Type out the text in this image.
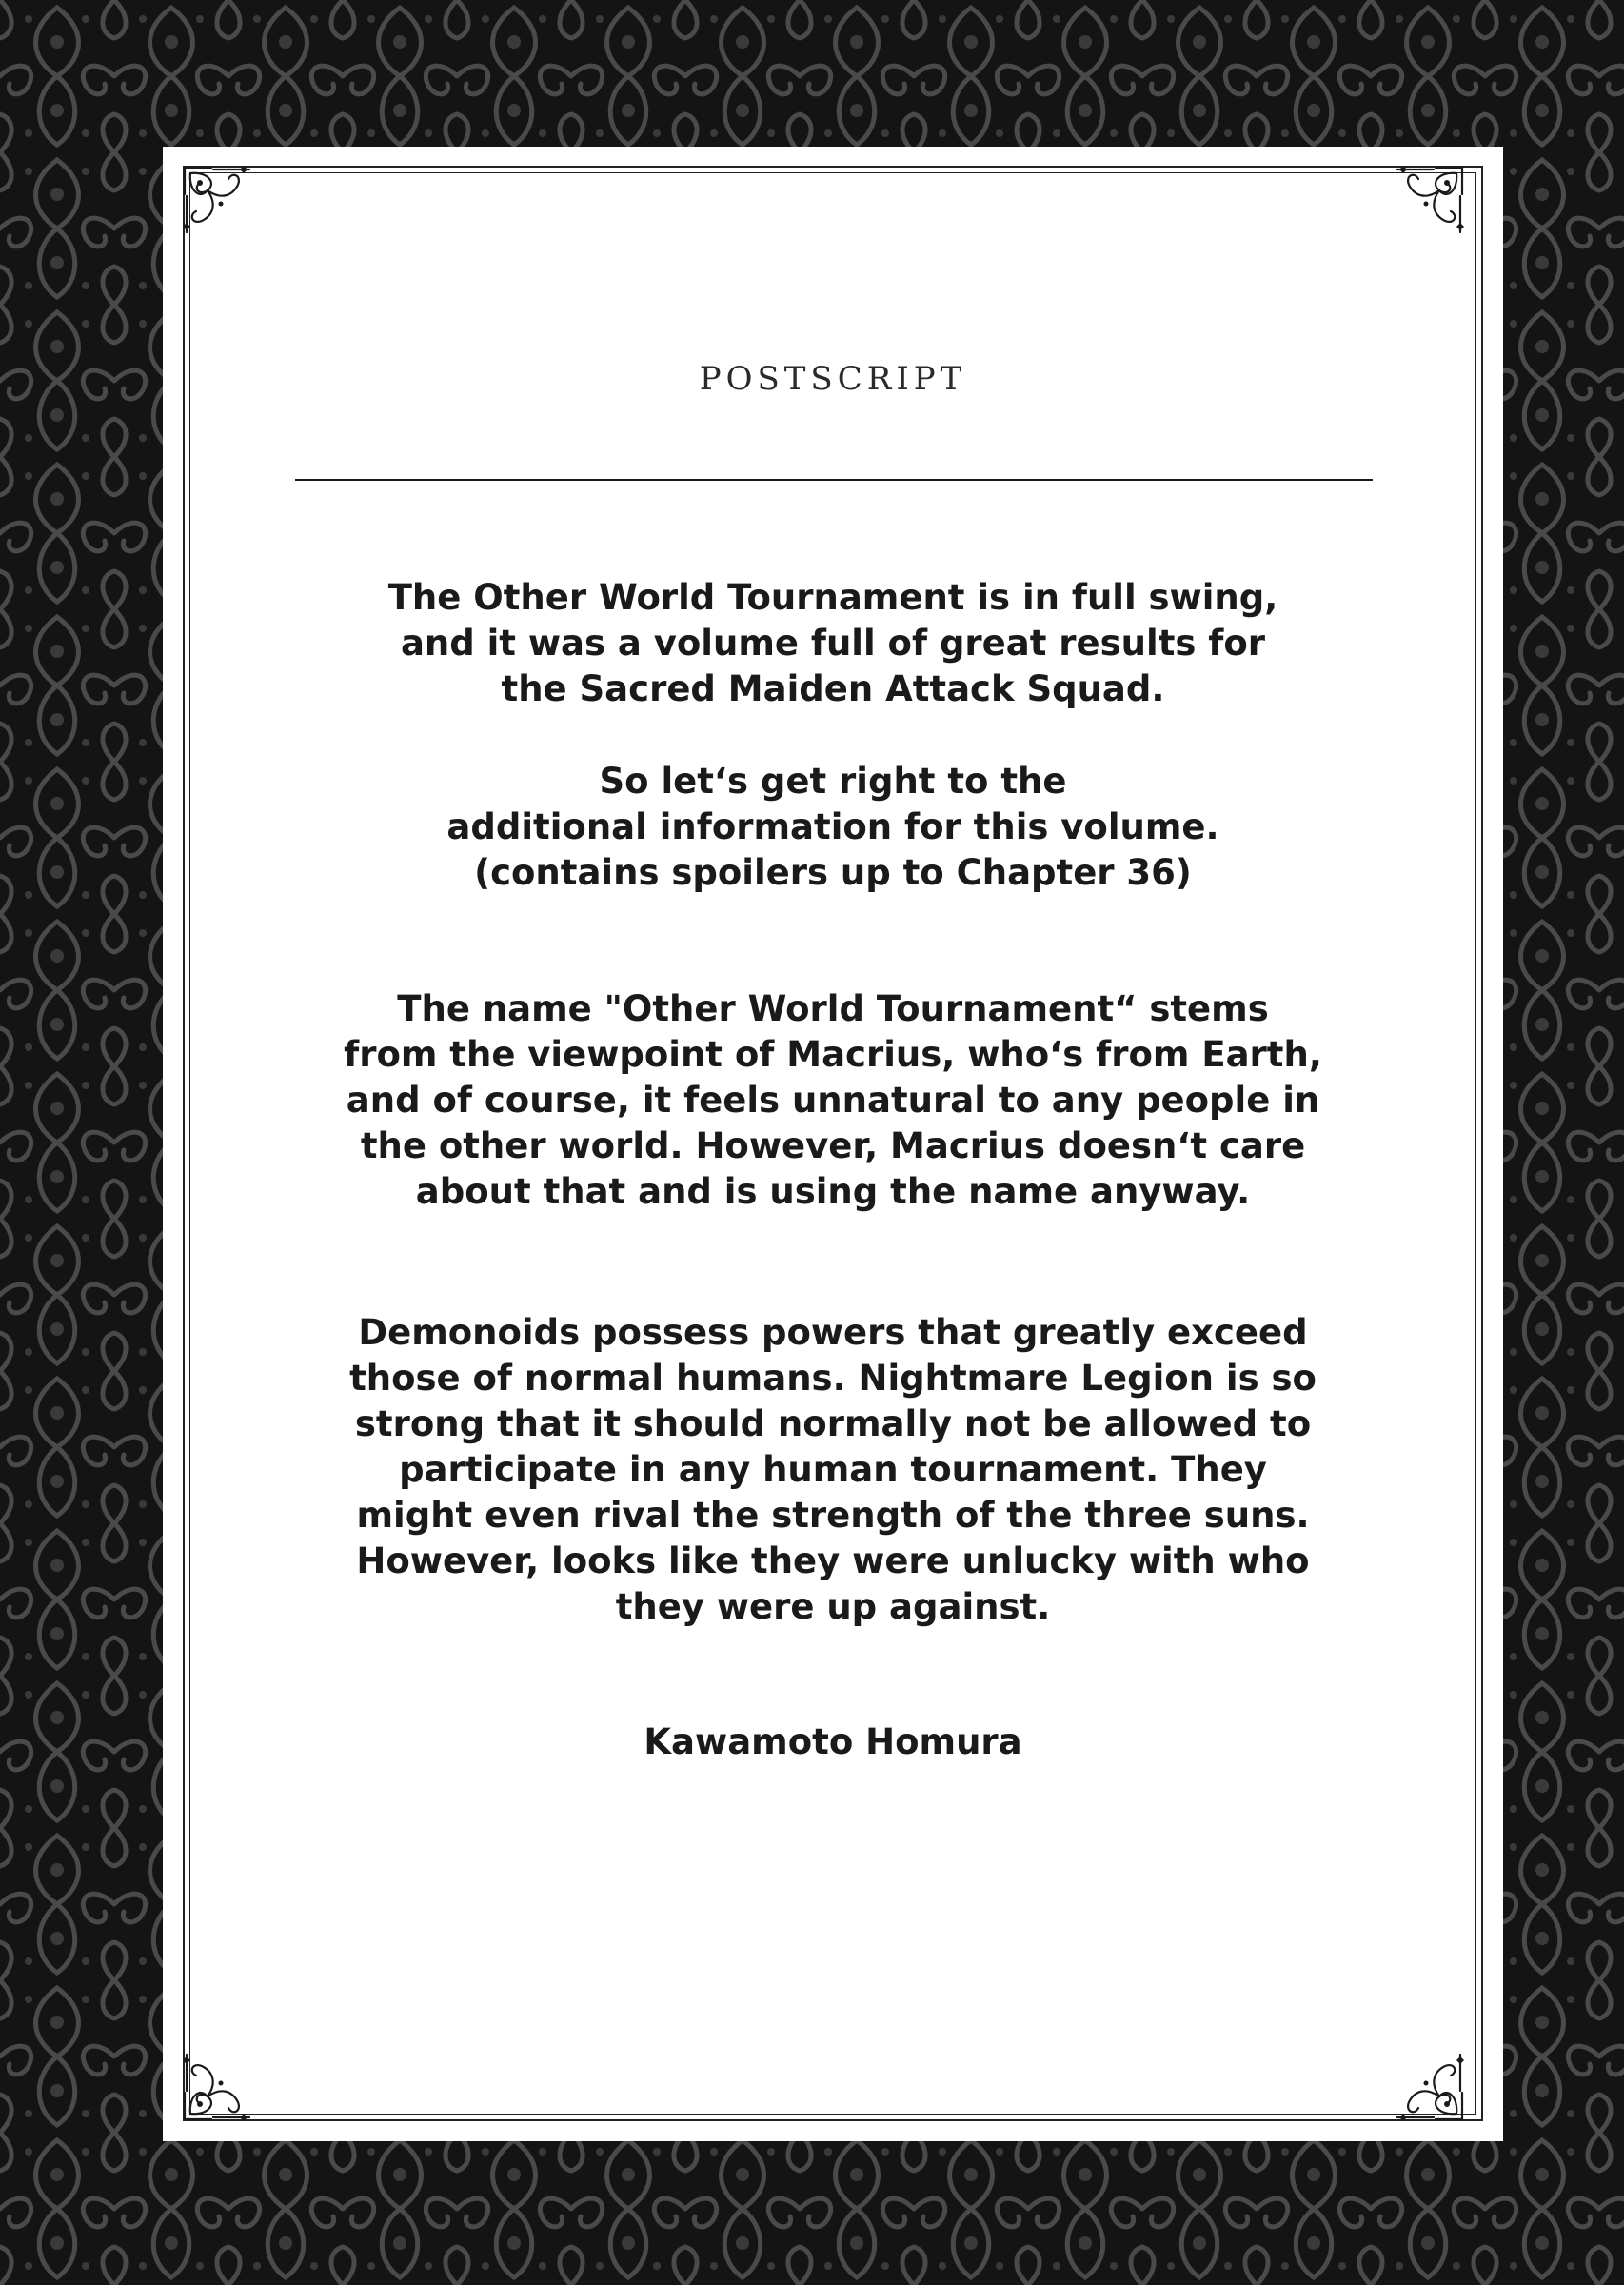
POSTSCRIPT
The Other World Tournament is in full swing,
and it was a volume full of great results for
the Sacred Maiden Attack Squad.
So let‘s get right to the
additional information for this volume.
(contains spoilers up to Chapter 36)
The name "Other World Tournament“ stems
from the viewpoint of Macrius, who‘s from Earth,
and of course, it feels unnatural to any people in
the other world. However, Macrius doesn‘t care
about that and is using the name anyway.
Demonoids possess powers that greatly exceed
those of normal humans. Nightmare Legion is so
strong that it should normally not be allowed to
participate in any human tournament. They
might even rival the strength of the three suns.
However, looks like they were unlucky with who
they were up against.
Kawamoto Homura
